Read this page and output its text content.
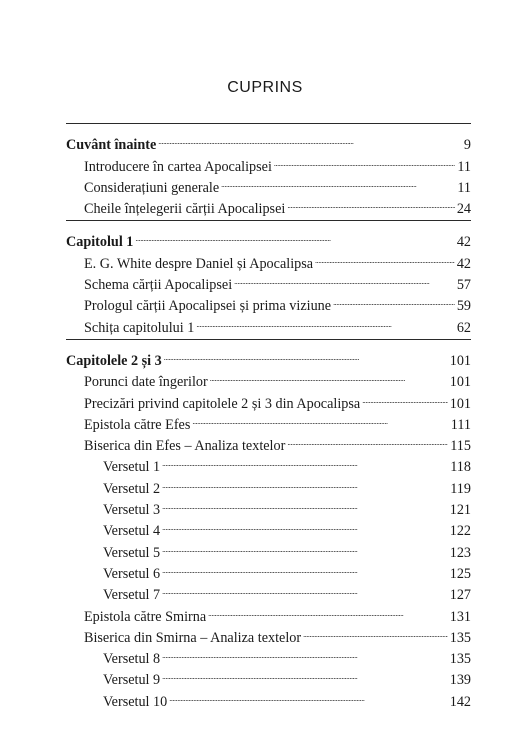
CUPRINS
Cuvânt înainte . . .	9
Introducere în cartea Apocalipsei . . .	11
Considerațiuni generale . . .	11
Cheile înțelegerii cărții Apocalipsei . . .	24
Capitolul 1 . . .	42
E. G. White despre Daniel și Apocalipsa . . .	42
Schema cărții Apocalipsei . . .	57
Prologul cărții Apocalipsei și prima viziune . . .	59
Schița capitolului 1 . . .	62
Capitolele 2 și 3 . . .	101
Porunci date îngerilor . . .	101
Precizări privind capitolele 2 și 3 din Apocalipsa . . .	101
Epistola către Efes . . .	111
Biserica din Efes – Analiza textelor . . .	115
Versetul 1 . . .	118
Versetul 2 . . .	119
Versetul 3 . . .	121
Versetul 4 . . .	122
Versetul 5 . . .	123
Versetul 6 . . .	125
Versetul 7 . . .	127
Epistola către Smirna . . .	131
Biserica din Smirna – Analiza textelor . . .	135
Versetul 8 . . .	135
Versetul 9 . . .	139
Versetul 10 . . .	142
